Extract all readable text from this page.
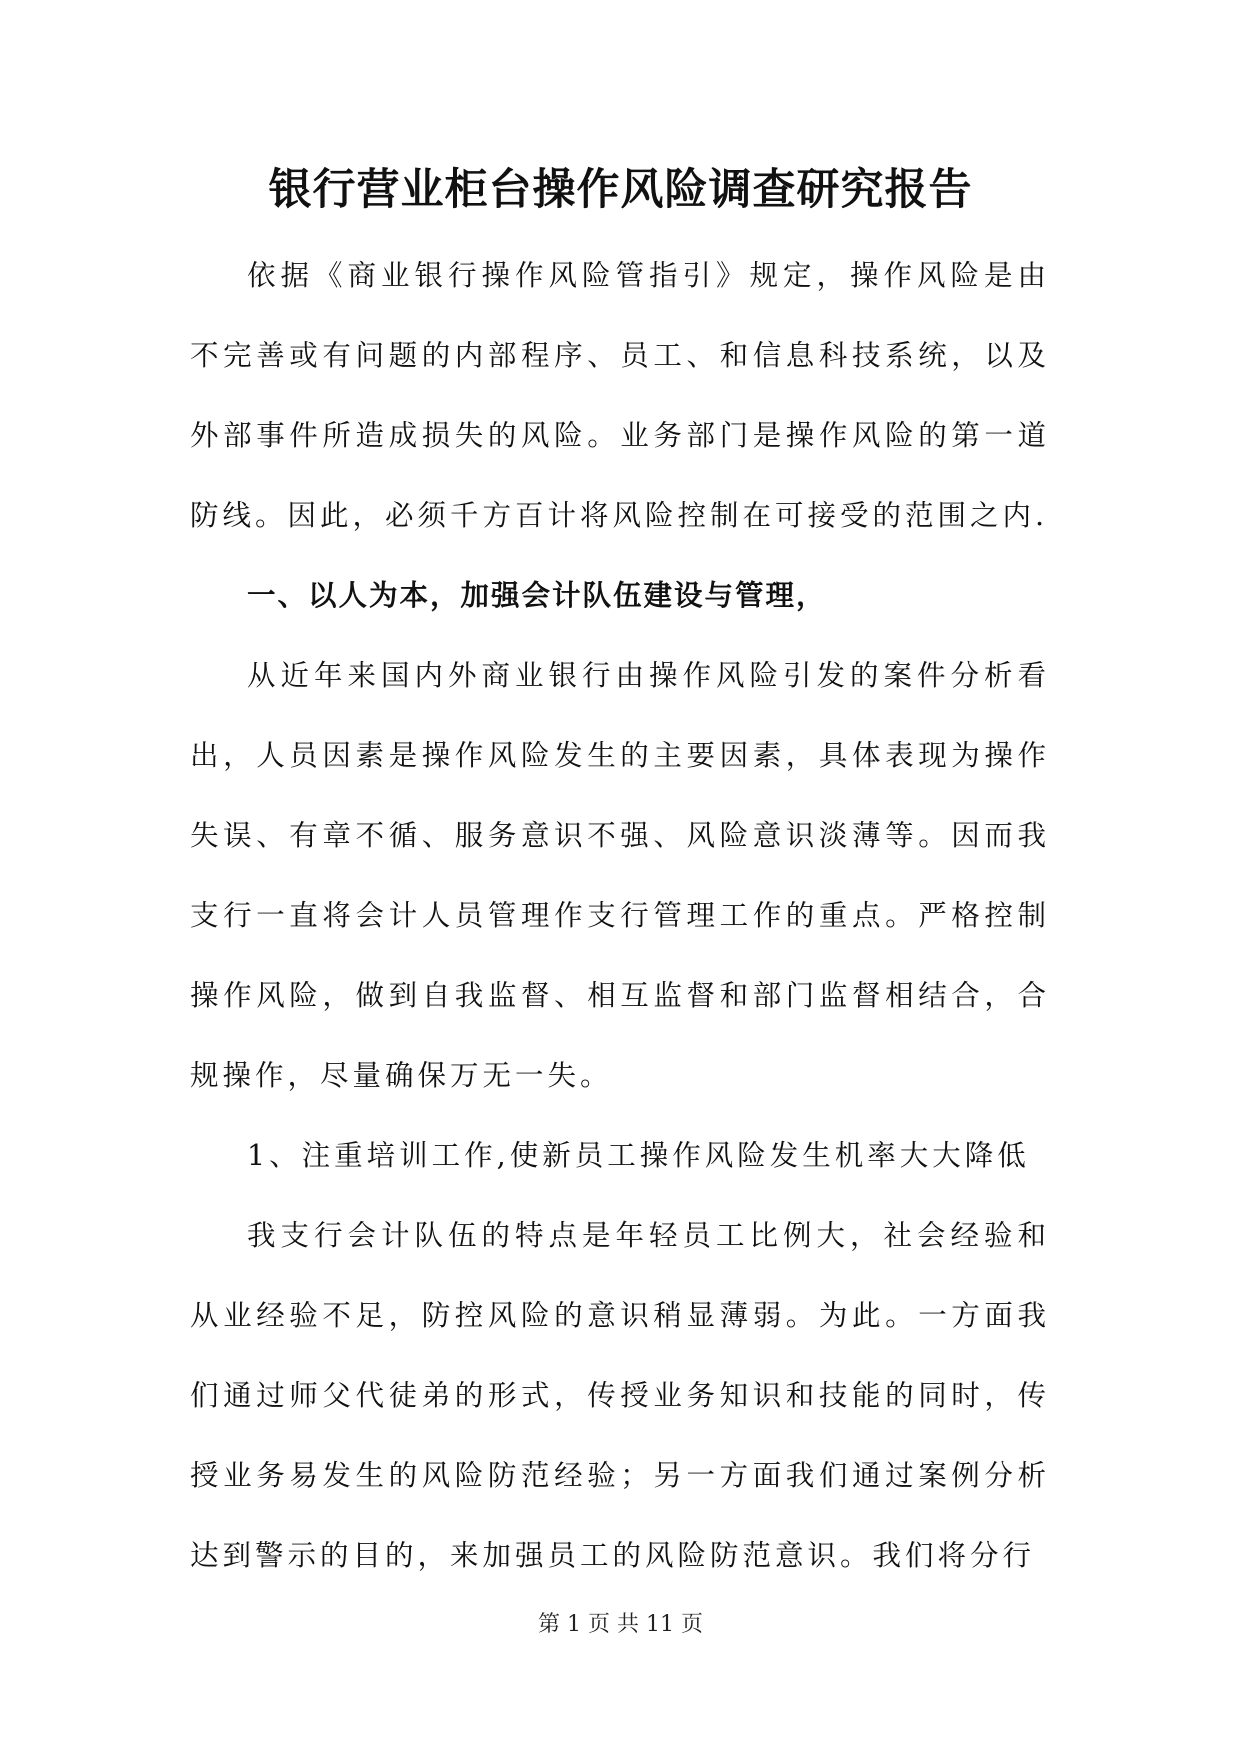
银行营业柜台操作风险调查研究报告

依据《商业银行操作风险管指引》规定，操作风险是由不完善或有问题的内部程序、员工、和信息科技系统，以及外部事件所造成损失的风险。业务部门是操作风险的第一道防线。因此，必须千方百计将风险控制在可接受的范围之内.

一、以人为本，加强会计队伍建设与管理，

从近年来国内外商业银行由操作风险引发的案件分析看出，人员因素是操作风险发生的主要因素，具体表现为操作失误、有章不循、服务意识不强、风险意识淡薄等。因而我支行一直将会计人员管理作支行管理工作的重点。严格控制操作风险，做到自我监督、相互监督和部门监督相结合，合规操作，尽量确保万无一失。

1、注重培训工作,使新员工操作风险发生机率大大降低

我支行会计队伍的特点是年轻员工比例大，社会经验和从业经验不足，防控风险的意识稍显薄弱。为此。一方面我们通过师父代徒弟的形式，传授业务知识和技能的同时，传授业务易发生的风险防范经验；另一方面我们通过案例分析达到警示的目的，来加强员工的风险防范意识。我们将分行

第 1 页 共 11 页
